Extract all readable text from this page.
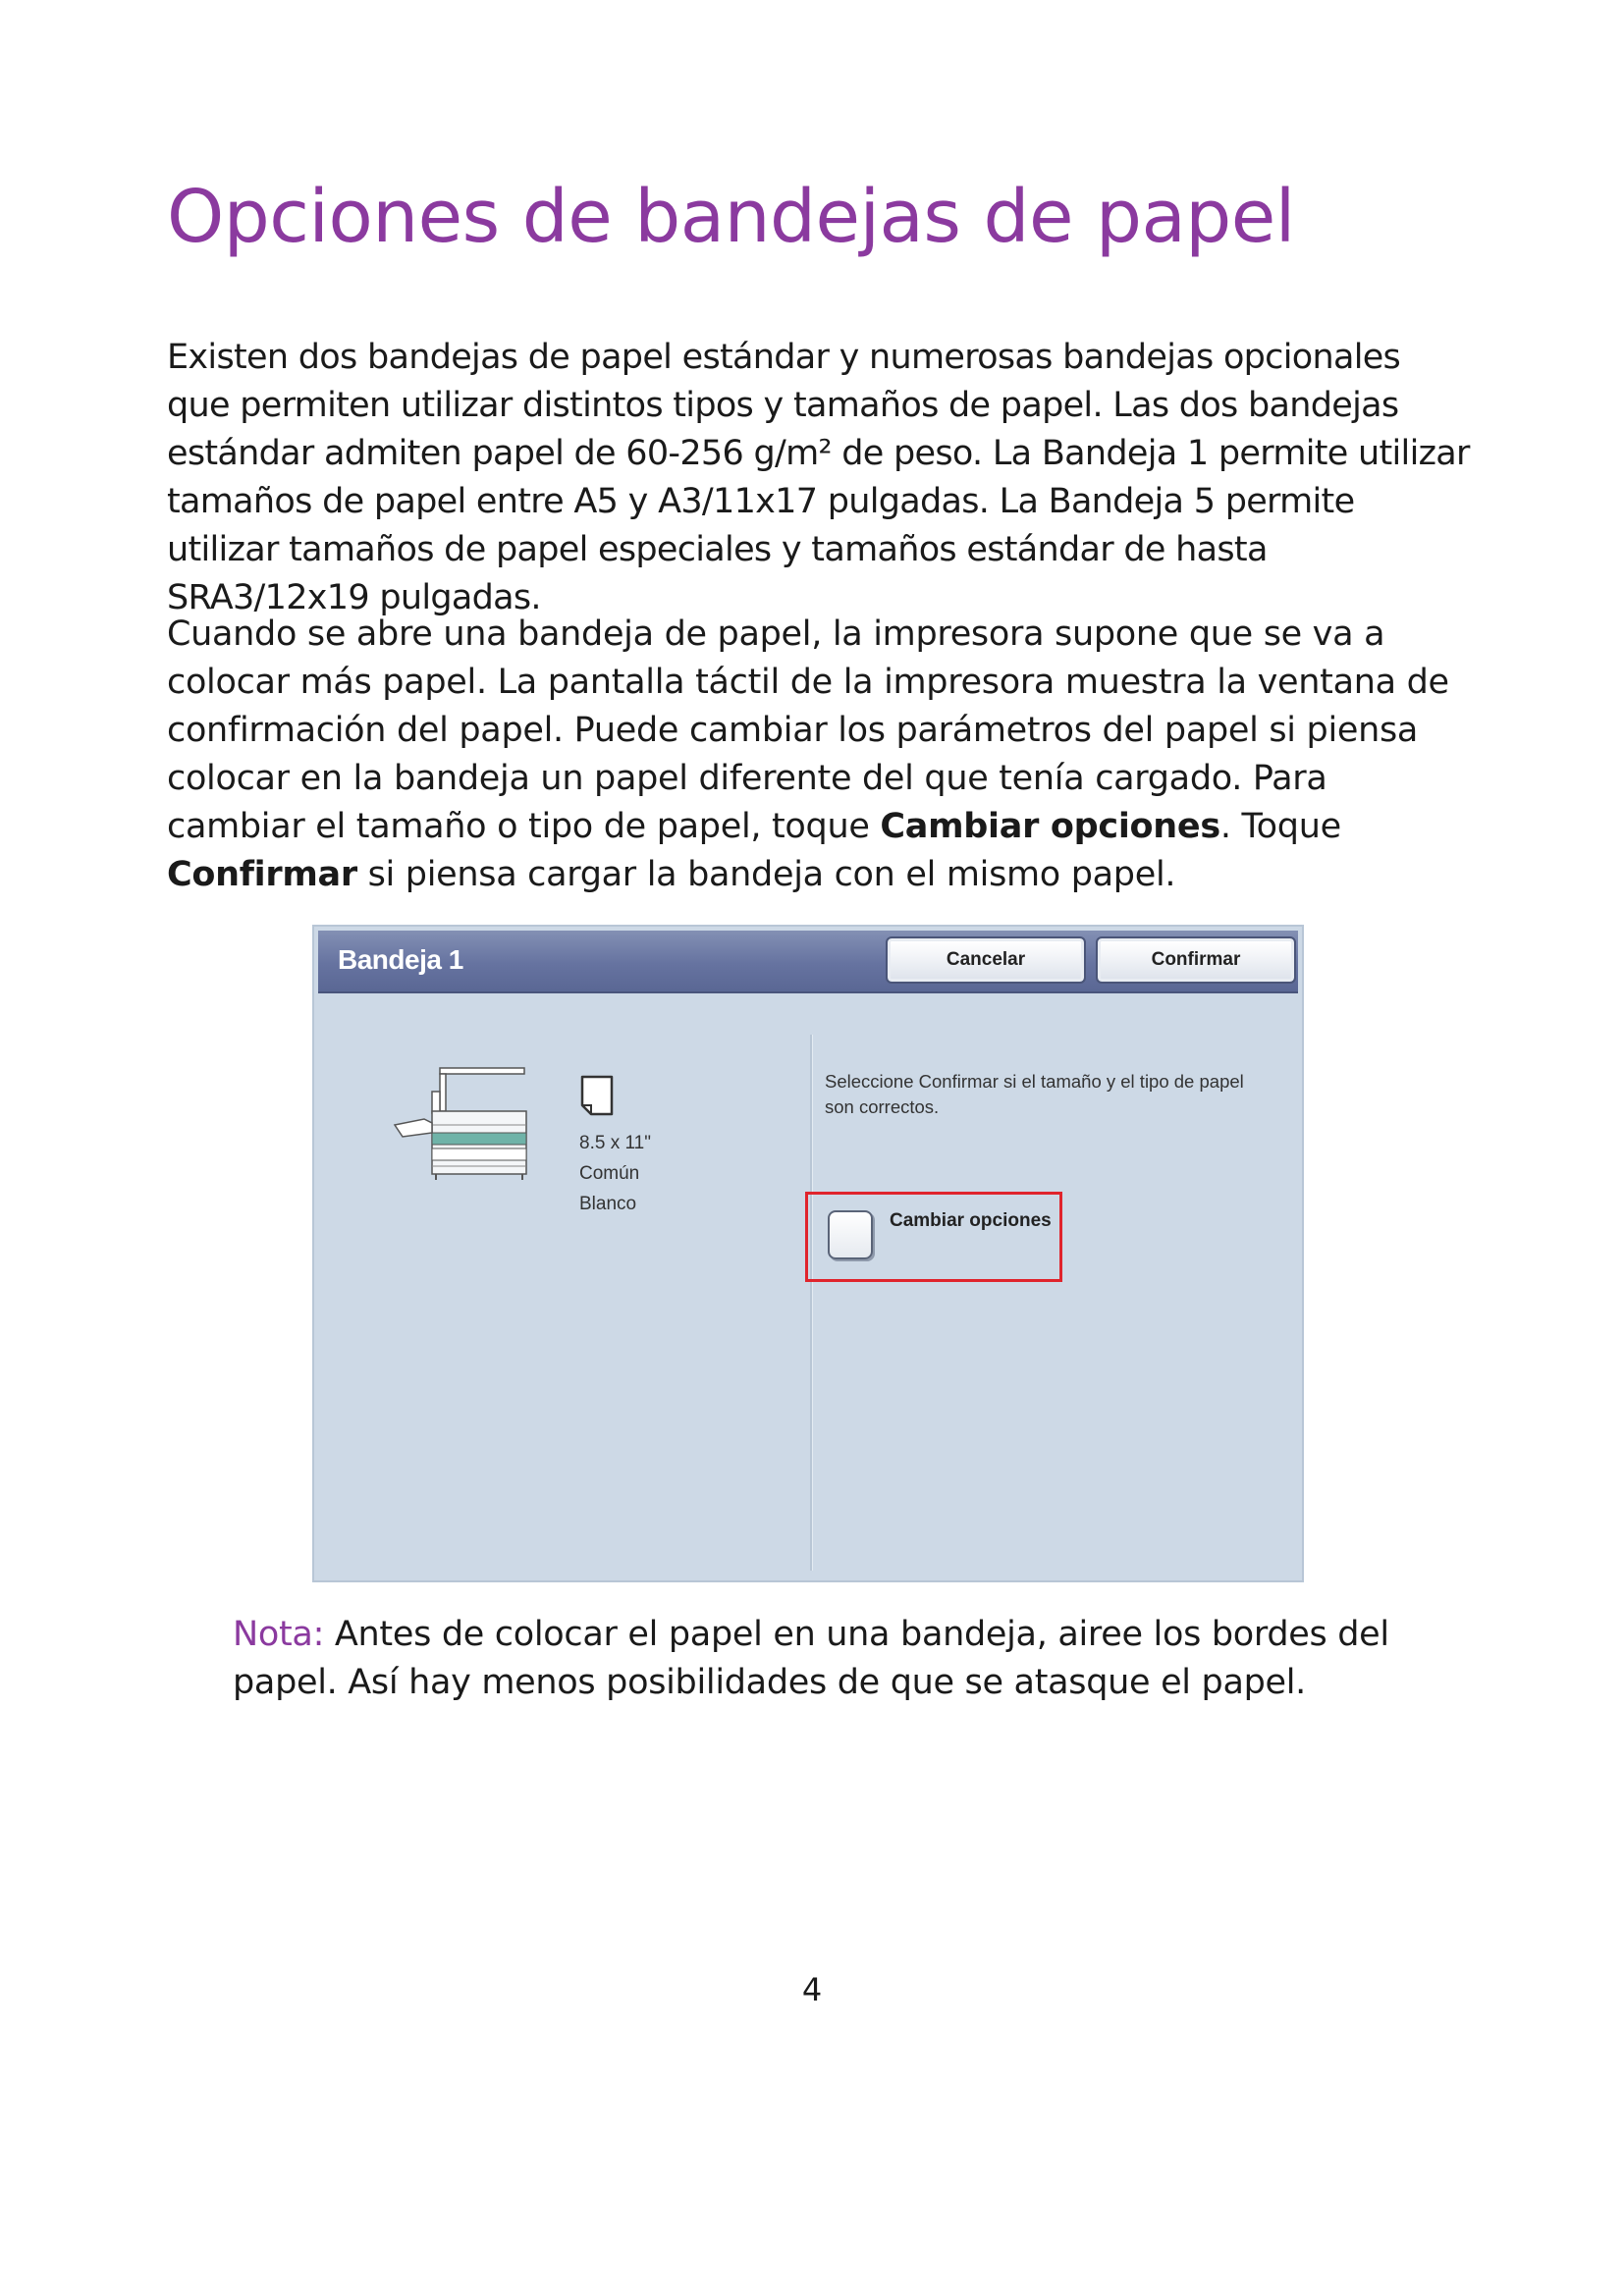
Opciones de bandejas de papel

Existen dos bandejas de papel estándar y numerosas bandejas opcionales que permiten utilizar distintos tipos y tamaños de papel. Las dos bandejas estándar admiten papel de 60-256 g/m² de peso. La Bandeja 1 permite utilizar tamaños de papel entre A5 y A3/11x17 pulgadas. La Bandeja 5 permite utilizar tamaños de papel especiales y tamaños estándar de hasta SRA3/12x19 pulgadas.

Cuando se abre una bandeja de papel, la impresora supone que se va a colocar más papel. La pantalla táctil de la impresora muestra la ventana de confirmación del papel. Puede cambiar los parámetros del papel si piensa colocar en la bandeja un papel diferente del que tenía cargado. Para cambiar el tamaño o tipo de papel, toque Cambiar opciones. Toque Confirmar si piensa cargar la bandeja con el mismo papel.

Bandeja 1	Cancelar	Confirmar
8.5 x 11"
Común
Blanco
Seleccione Confirmar si el tamaño y el tipo de papel son correctos.
Cambiar opciones

Nota: Antes de colocar el papel en una bandeja, airee los bordes del papel. Así hay menos posibilidades de que se atasque el papel.

4
